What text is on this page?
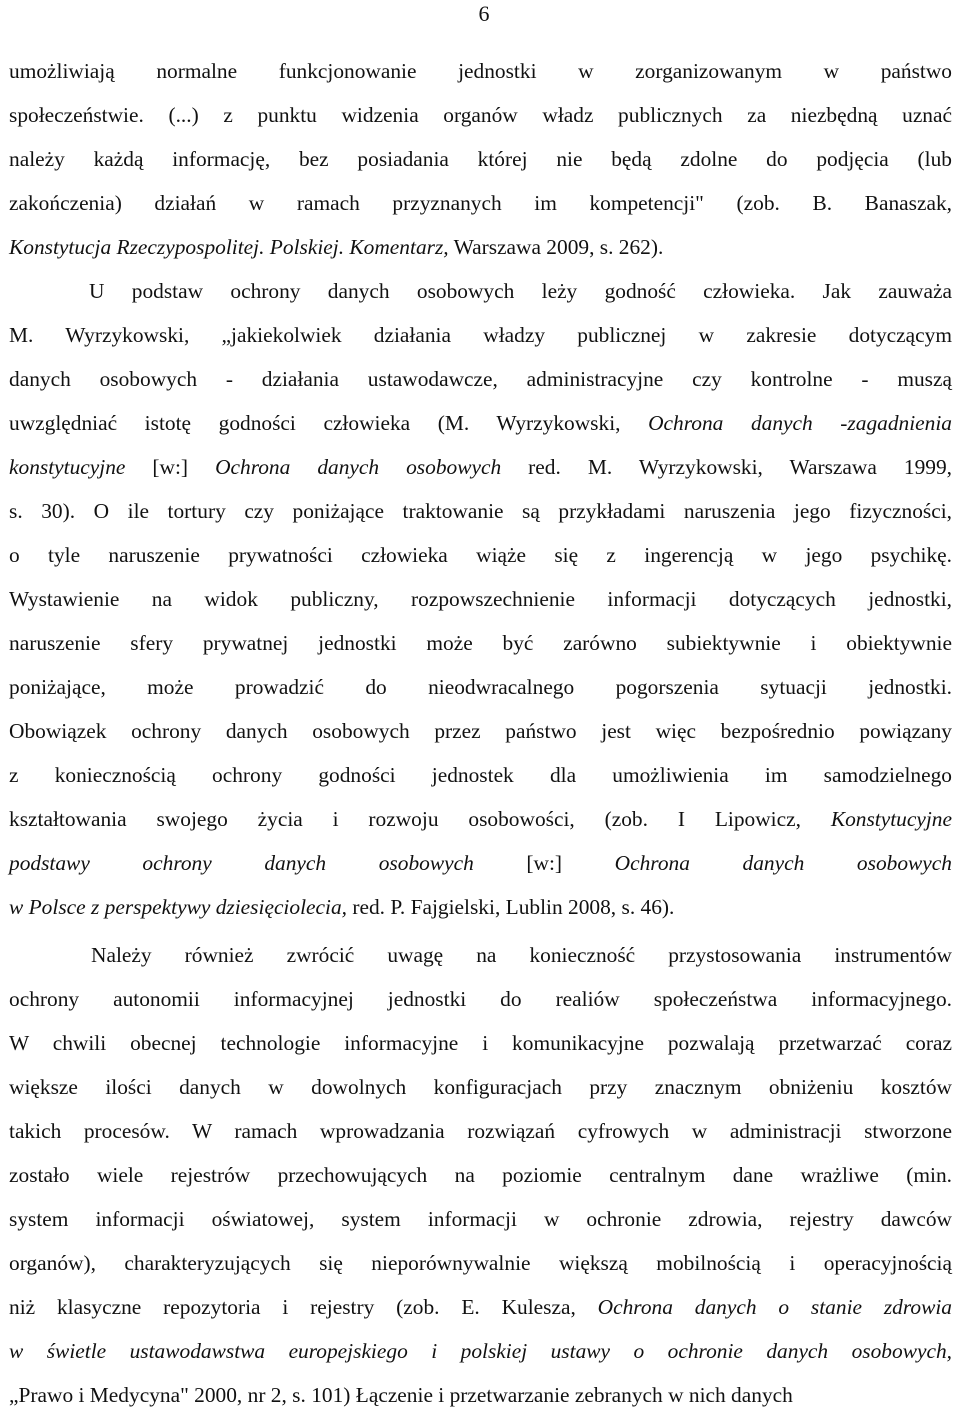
6
umożliwiają normalne funkcjonowanie jednostki w zorganizowanym w państwo
społeczeństwie. (...) z punktu widzenia organów władz publicznych za niezbędną uznać
należy każdą informację, bez posiadania której nie będą zdolne do podjęcia (lub
zakończenia) działań w ramach przyznanych im kompetencji" (zob. B. Banaszak,
Konstytucja Rzeczypospolitej. Polskiej. Komentarz, Warszawa 2009, s. 262).
U podstaw ochrony danych osobowych leży godność człowieka. Jak zauważa
M. Wyrzykowski, „jakiekolwiek działania władzy publicznej w zakresie dotyczącym
danych osobowych - działania ustawodawcze, administracyjne czy kontrolne - muszą
uwzględniać istotę godności człowieka (M. Wyrzykowski, Ochrona danych -zagadnienia
konstytucyjne [w:] Ochrona danych osobowych red. M. Wyrzykowski, Warszawa 1999,
s. 30). O ile tortury czy poniżające traktowanie są przykładami naruszenia jego fizyczności,
o tyle naruszenie prywatności człowieka wiąże się z ingerencją w jego psychikę.
Wystawienie na widok publiczny, rozpowszechnienie informacji dotyczących jednostki,
naruszenie sfery prywatnej jednostki może być zarówno subiektywnie i obiektywnie
poniżające, może prowadzić do nieodwracalnego pogorszenia sytuacji jednostki.
Obowiązek ochrony danych osobowych przez państwo jest więc bezpośrednio powiązany
z koniecznością ochrony godności jednostek dla umożliwienia im samodzielnego
kształtowania swojego życia i rozwoju osobowości, (zob. I Lipowicz, Konstytucyjne
podstawy ochrony danych osobowych [w:] Ochrona danych osobowych
w Polsce z perspektywy dziesięciolecia, red. P. Fajgielski, Lublin 2008, s. 46).
Należy również zwrócić uwagę na konieczność przystosowania instrumentów
ochrony autonomii informacyjnej jednostki do realiów społeczeństwa informacyjnego.
W chwili obecnej technologie informacyjne i komunikacyjne pozwalają przetwarzać coraz
większe ilości danych w dowolnych konfiguracjach przy znacznym obniżeniu kosztów
takich procesów. W ramach wprowadzania rozwiązań cyfrowych w administracji stworzone
zostało wiele rejestrów przechowujących na poziomie centralnym dane wrażliwe (min.
system informacji oświatowej, system informacji w ochronie zdrowia, rejestry dawców
organów), charakteryzujących się nieporównywalnie większą mobilnością i operacyjnością
niż klasyczne repozytoria i rejestry (zob. E. Kulesza, Ochrona danych o stanie zdrowia
w świetle ustawodawstwa europejskiego i polskiej ustawy o ochronie danych osobowych,
„Prawo i Medycyna" 2000, nr 2, s. 101) Łączenie i przetwarzanie zebranych w nich danych
